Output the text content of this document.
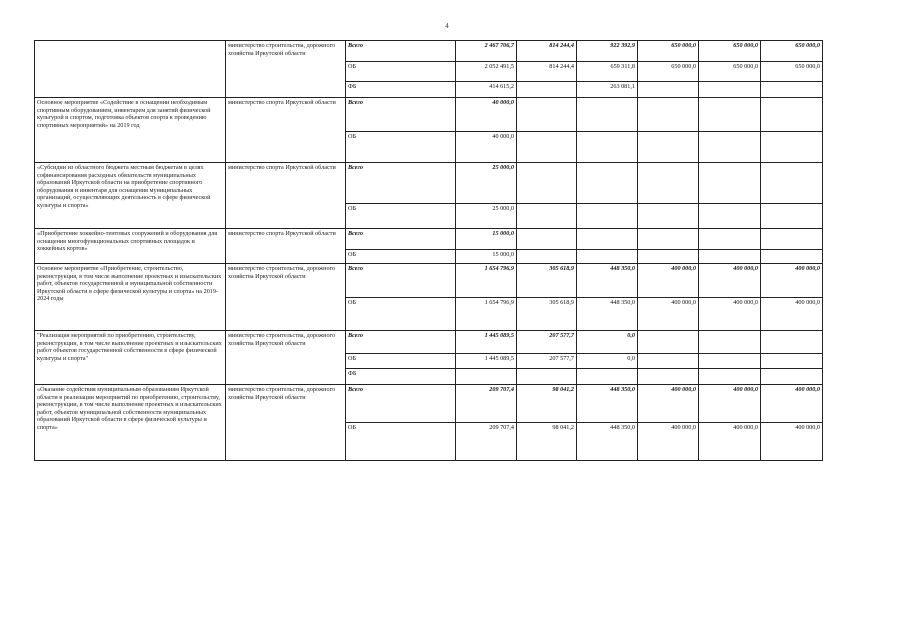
4
	министерство строительства, дорожного хозяйства Иркутской области	Всего	2 467 706,7	814 244,4	922 392,9	650 000,0	650 000,0	650 000,0
		ОБ	2 052 491,5	814 244,4	659 311,8	650 000,0	650 000,0	650 000,0
		ФБ	414 615,2		263 081,1			
Основное мероприятие «Содействие в оснащении необходимым спортивным оборудованием, инвентарем для занятий физической культурой и спортом, подготовка объектов спорта к проведению спортивных мероприятий» на 2019 год	министерство спорта Иркутской области	Всего	40 000,0					
		ОБ	40 000,0					
«Субсидии из областного бюджета местным бюджетам в целях софинансирования расходных обязательств муниципальных образований Иркутской области на приобретение спортивного оборудования и инвентаря для оснащения муниципальных организаций, осуществляющих деятельность в сфере физической культуры и спорта»	министерство спорта Иркутской области	Всего	25 000,0					
		ОБ	25 000,0					
«Приобретение хоккейно-тентовых сооружений и оборудования для оснащения многофункциональных спортивных площадок и хоккейных кортов»	министерство спорта Иркутской области	Всего	15 000,0					
		ОБ	15 000,0					
Основное мероприятие «Приобретение, строительство, реконструкция, в том числе выполнение проектных и изыскательских работ, объектов государственной и муниципальной собственности Иркутской области в сфере физической культуры и спорта» на 2019-2024 годы	министерство строительства, дорожного хозяйства Иркутской области	Всего	1 654 796,9	305 618,9	448 350,0	400 000,0	400 000,0	400 000,0
		ОБ	1 654 796,9	305 618,9	448 350,0	400 000,0	400 000,0	400 000,0
"Реализация мероприятий по приобретению, строительству, реконструкции, в том числе выполнение проектных и изыскательских работ объектов государственной собственности в сфере физической культуры и спорта"	министерство строительства, дорожного хозяйства Иркутской области	Всего	1 445 089,5	207 577,7	0,0			
		ОБ	1 445 089,5	207 577,7	0,0			
		ФБ						
«Оказание содействия муниципальным образованиям Иркутской области в реализации мероприятий по приобретению, строительству, реконструкции, в том числе выполнение проектных и изыскательских работ, объектов муниципальной собственности муниципальных образований Иркутской области в сфере физической культуры и спорта»	министерство строительства, дорожного хозяйства Иркутской области	Всего	209 707,4	98 041,2	448 350,0	400 000,0	400 000,0	400 000,0
		ОБ	209 707,4	98 041,2	448 350,0	400 000,0	400 000,0	400 000,0
